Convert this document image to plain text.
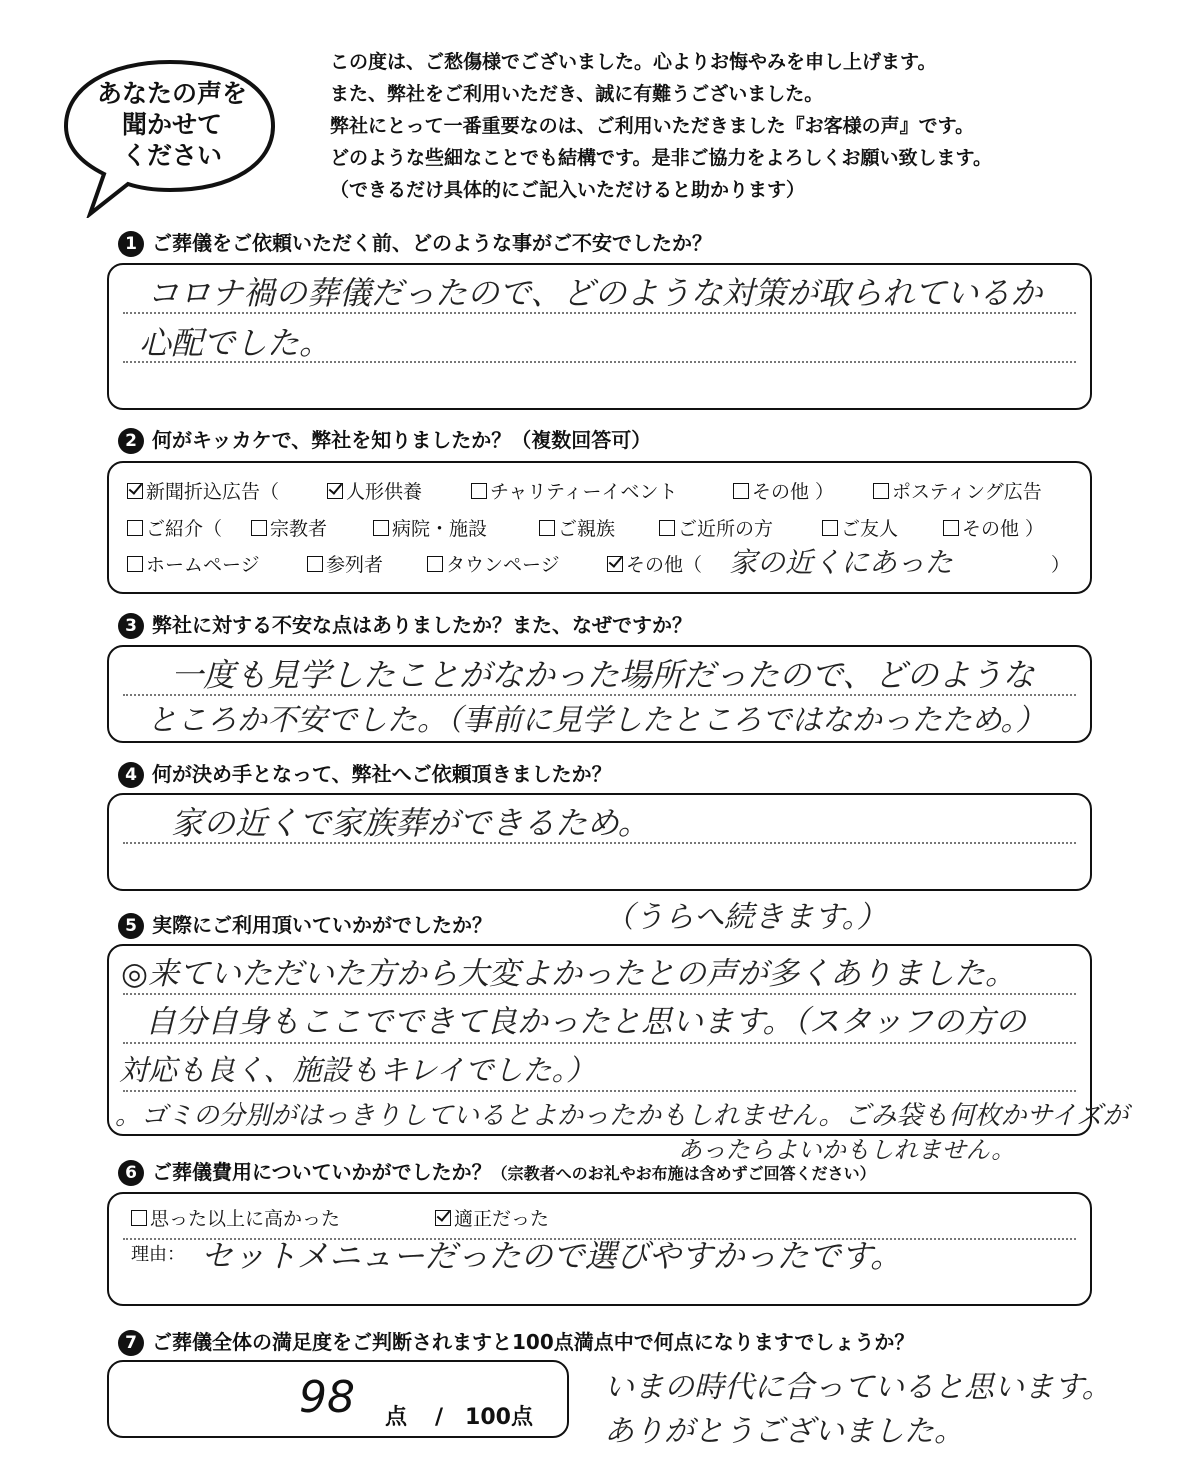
あなたの声を
聞かせて
ください
この度は、ご愁傷様でございました。心よりお悔やみを申し上げます。
また、弊社をご利用いただき、誠に有難うございました。
弊社にとって一番重要なのは、ご利用いただきました『お客様の声』です。
どのような些細なことでも結構です。是非ご協力をよろしくお願い致します。
（できるだけ具体的にご記入いただけると助かります）
1 ご葬儀をご依頼いただく前、どのような事がご不安でしたか？
コロナ禍の葬儀だったので、どのような対策が取られているか
心配でした。
2 何がキッカケで、弊社を知りましたか？（複数回答可）
新聞折込広告（	人形供養	チャリティーイベント	その他 ）	ポスティング広告
ご紹介（	宗教者	病院・施設	ご親族	ご近所の方	ご友人	その他 ）
ホームページ	参列者	タウンページ	その他（ 家の近くにあった	）
3 弊社に対する不安な点はありましたか？また、なぜですか？
一度も見学したことがなかった場所だったので、どのような
ところか不安でした。（事前に見学したところではなかったため。）
4 何が決め手となって、弊社へご依頼頂きましたか？
家の近くで家族葬ができるため。
5 実際にご利用頂いていかがでしたか？	（うらへ続きます。）
◎来ていただいた方から大変よかったとの声が多くありました。
自分自身もここでできて良かったと思います。（スタッフの方の
対応も良く、施設もキレイでした。）
。ゴミの分別がはっきりしているとよかったかもしれません。ごみ袋も何枚かサイズが
あったらよいかもしれません。
6 ご葬儀費用についていかがでしたか？（宗教者へのお礼やお布施は含めずご回答ください）
思った以上に高かった	適正だった
理由： セットメニューだったので選びやすかったです。
7 ご葬儀全体の満足度をご判断されますと100点満点中で何点になりますでしょうか？
98 点 /　100点
いまの時代に合っていると思います。
ありがとうございました。
